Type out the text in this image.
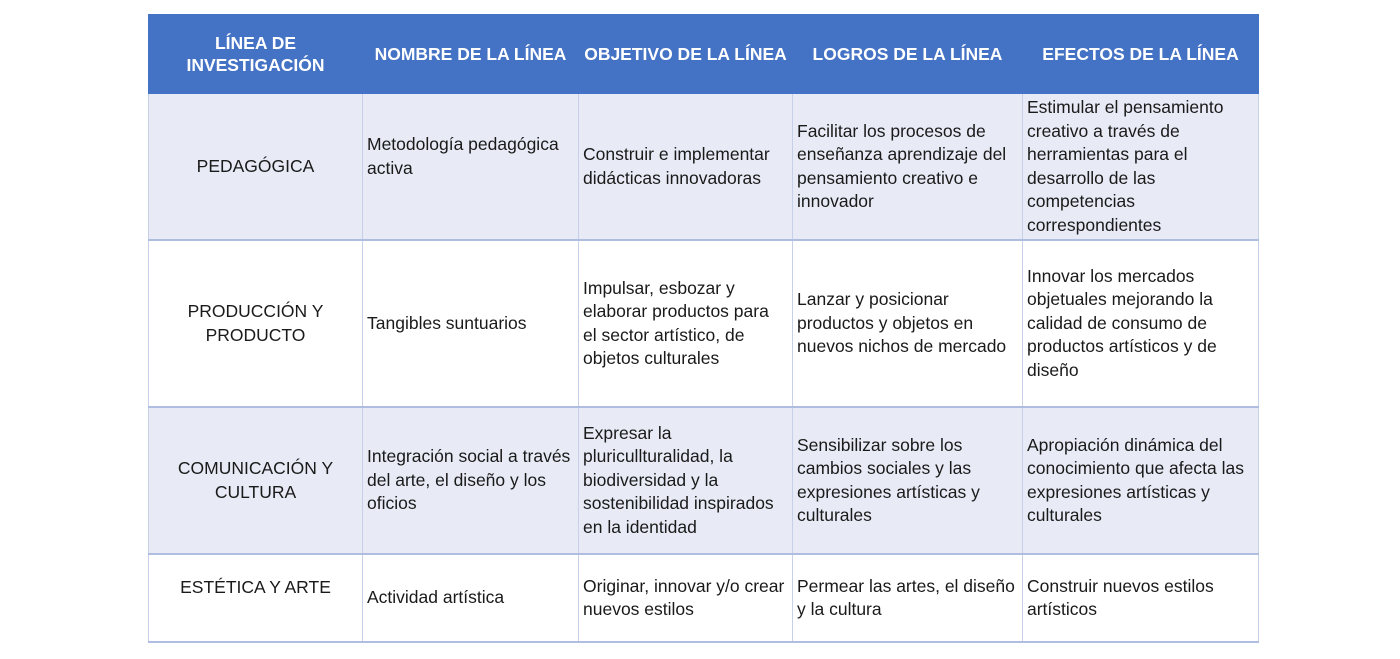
LÍNEA DE INVESTIGACIÓN	NOMBRE DE LA LÍNEA	OBJETIVO DE LA LÍNEA	LOGROS DE LA LÍNEA	EFECTOS DE LA LÍNEA
PEDAGÓGICA	Metodología pedagógica activa	Construir e implementar didácticas innovadoras	Facilitar los procesos de enseñanza aprendizaje del pensamiento creativo e innovador	Estimular el pensamiento creativo a través de herramientas para el desarrollo de las competencias correspondientes
PRODUCCIÓN Y PRODUCTO	Tangibles suntuarios	Impulsar, esbozar y elaborar productos para el sector artístico, de objetos culturales	Lanzar y posicionar productos y objetos en nuevos nichos de mercado	Innovar los mercados objetuales mejorando la calidad de consumo de productos artísticos y de diseño
COMUNICACIÓN Y CULTURA	Integración social a través del arte, el diseño y los oficios	Expresar la pluricullturalidad, la biodiversidad y la sostenibilidad inspirados en la identidad	Sensibilizar sobre los cambios sociales y las expresiones artísticas y culturales	Apropiación dinámica del conocimiento que afecta las expresiones artísticas y culturales

ESTÉTICA Y ARTE	Actividad artística	Originar, innovar y/o crear nuevos estilos	Permear las artes, el diseño y la cultura	Construir nuevos estilos artísticos
